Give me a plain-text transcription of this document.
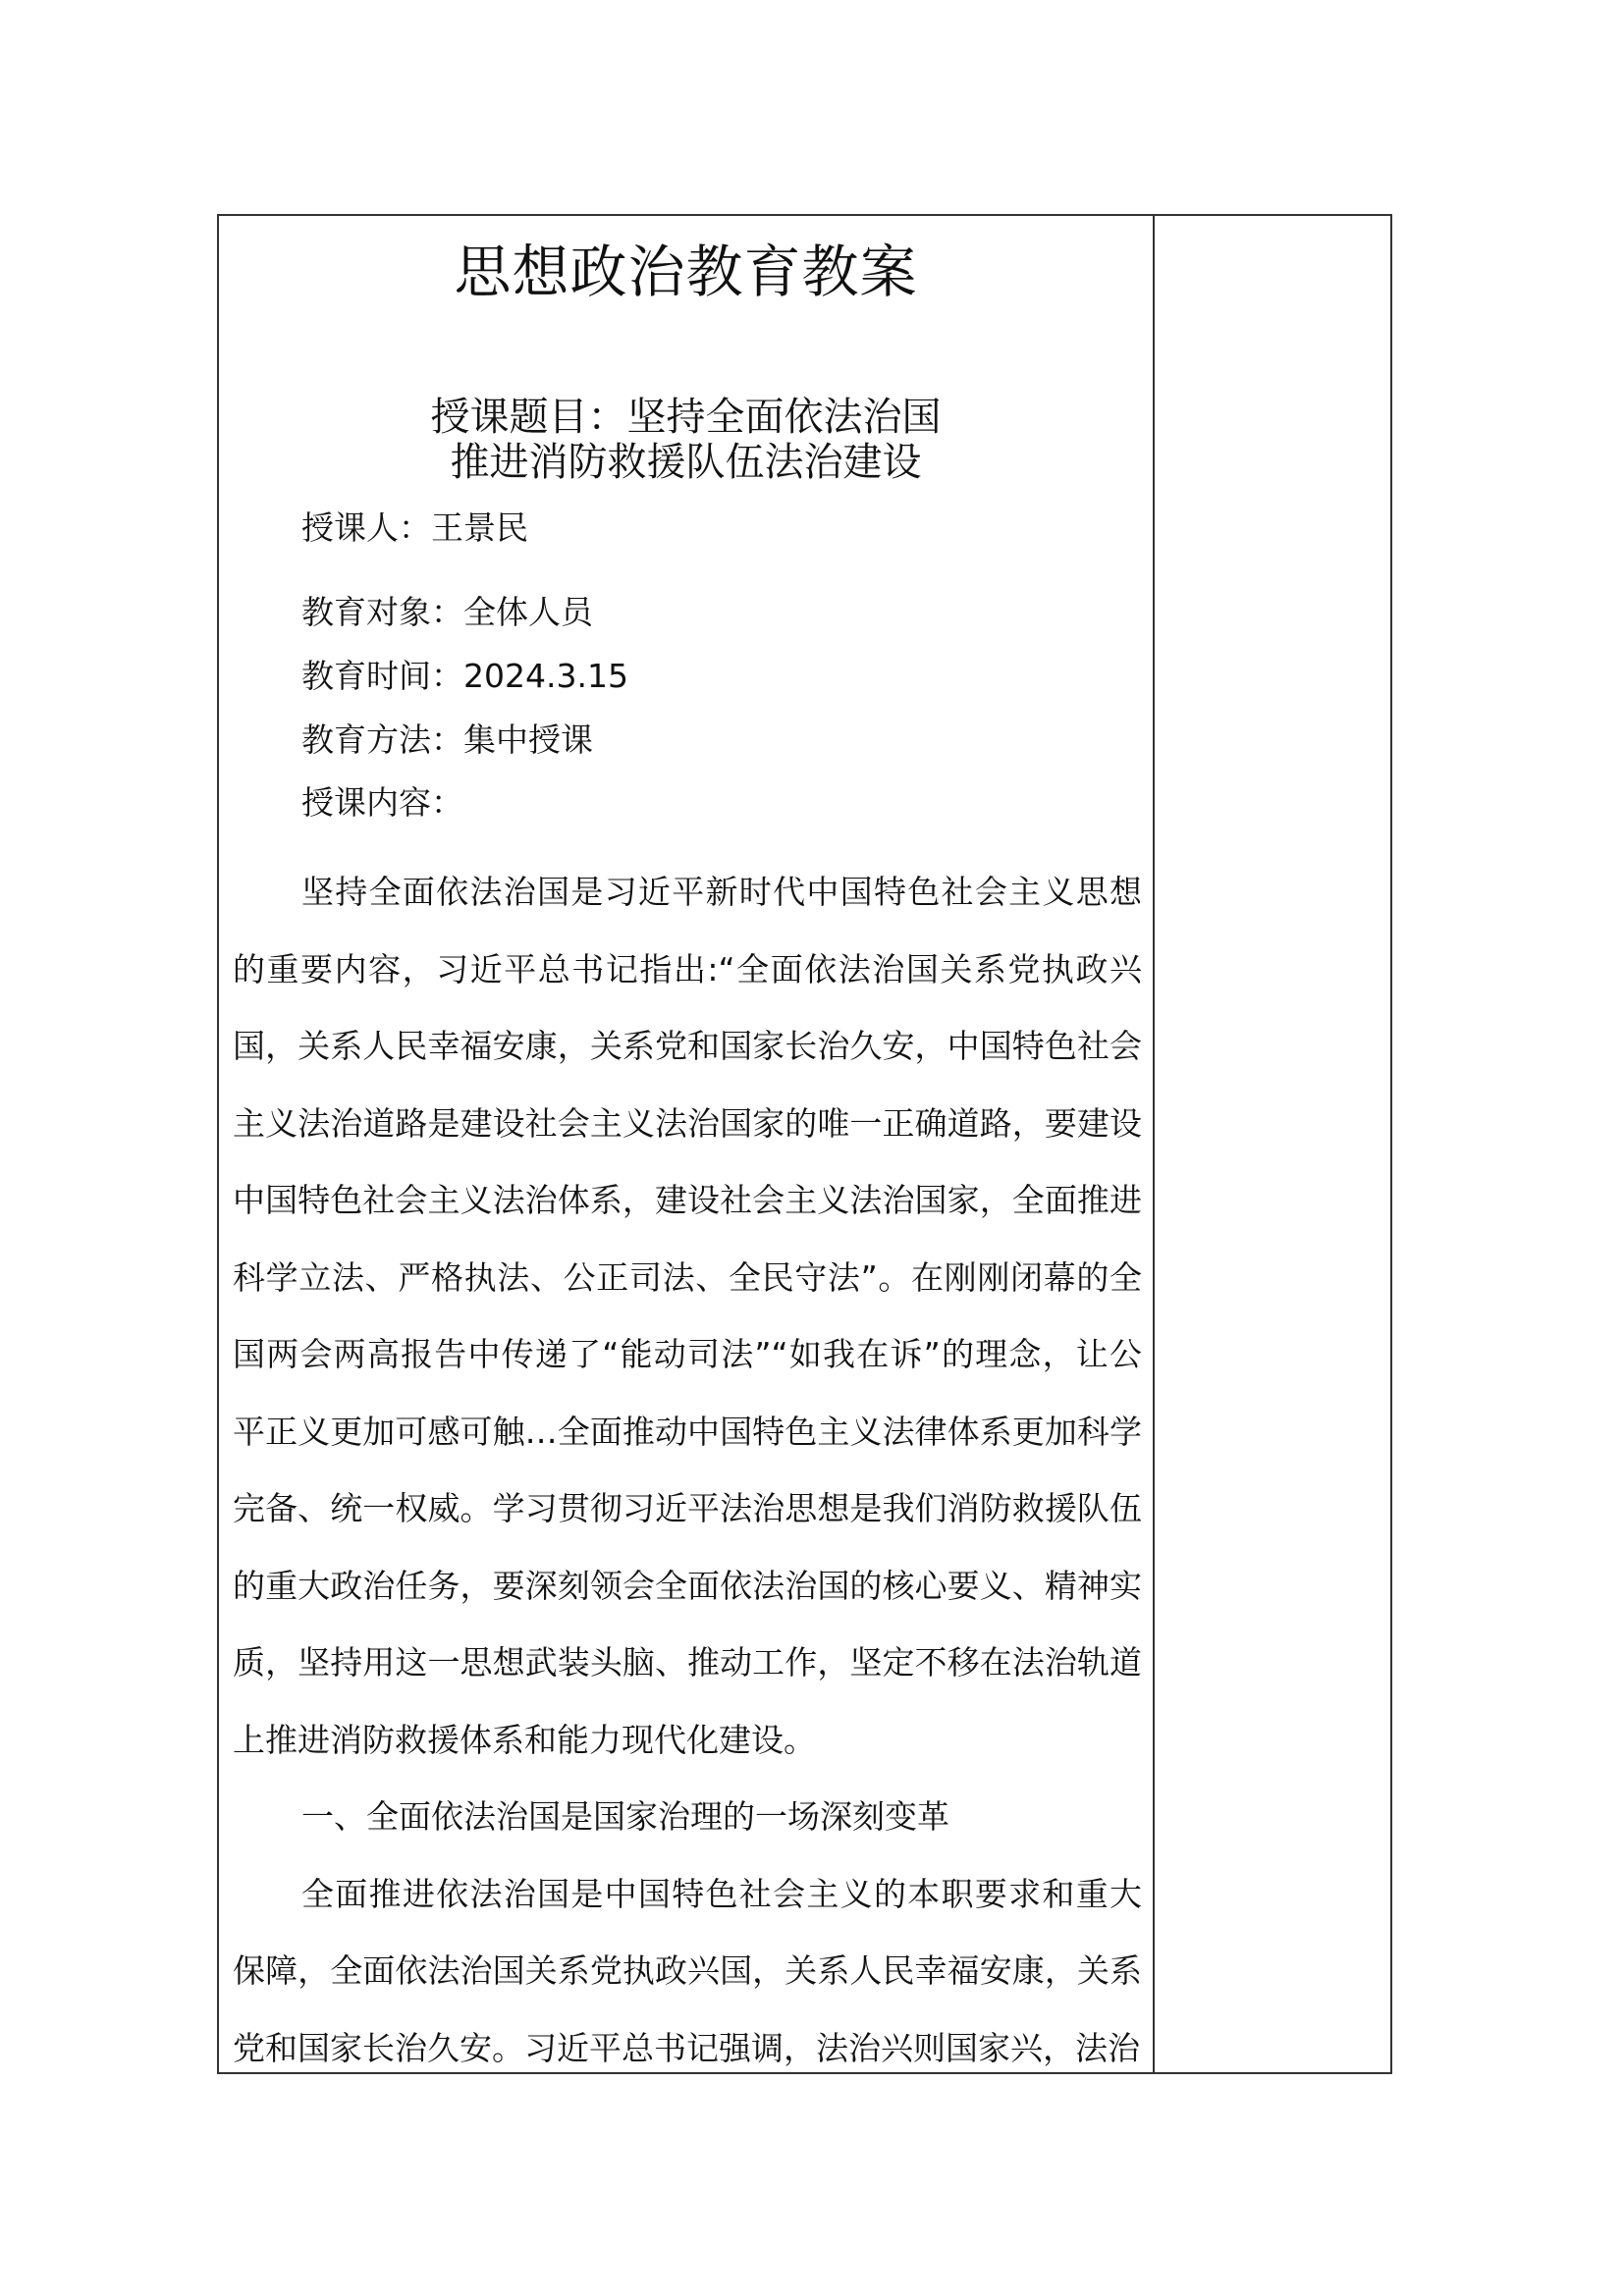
思想政治教育教案
授课题目：坚持全面依法治国
推进消防救援队伍法治建设
授课人：王景民
教育对象：全体人员
教育时间：2024.3.15
教育方法：集中授课
授课内容：

坚持全面依法治国是习近平新时代中国特色社会主义思想的重要内容，习近平总书记指出:“全面依法治国关系党执政兴国，关系人民幸福安康，关系党和国家长治久安，中国特色社会主义法治道路是建设社会主义法治国家的唯一正确道路，要建设中国特色社会主义法治体系，建设社会主义法治国家，全面推进科学立法、严格执法、公正司法、全民守法”。在刚刚闭幕的全国两会两高报告中传递了“能动司法”“如我在诉”的理念，让公平正义更加可感可触…全面推动中国特色主义法律体系更加科学完备、统一权威。学习贯彻习近平法治思想是我们消防救援队伍的重大政治任务，要深刻领会全面依法治国的核心要义、精神实质，坚持用这一思想武装头脑、推动工作，坚定不移在法治轨道上推进消防救援体系和能力现代化建设。

一、全面依法治国是国家治理的一场深刻变革

全面推进依法治国是中国特色社会主义的本职要求和重大保障，全面依法治国关系党执政兴国，关系人民幸福安康，关系党和国家长治久安。习近平总书记强调，法治兴则国家兴，法治
